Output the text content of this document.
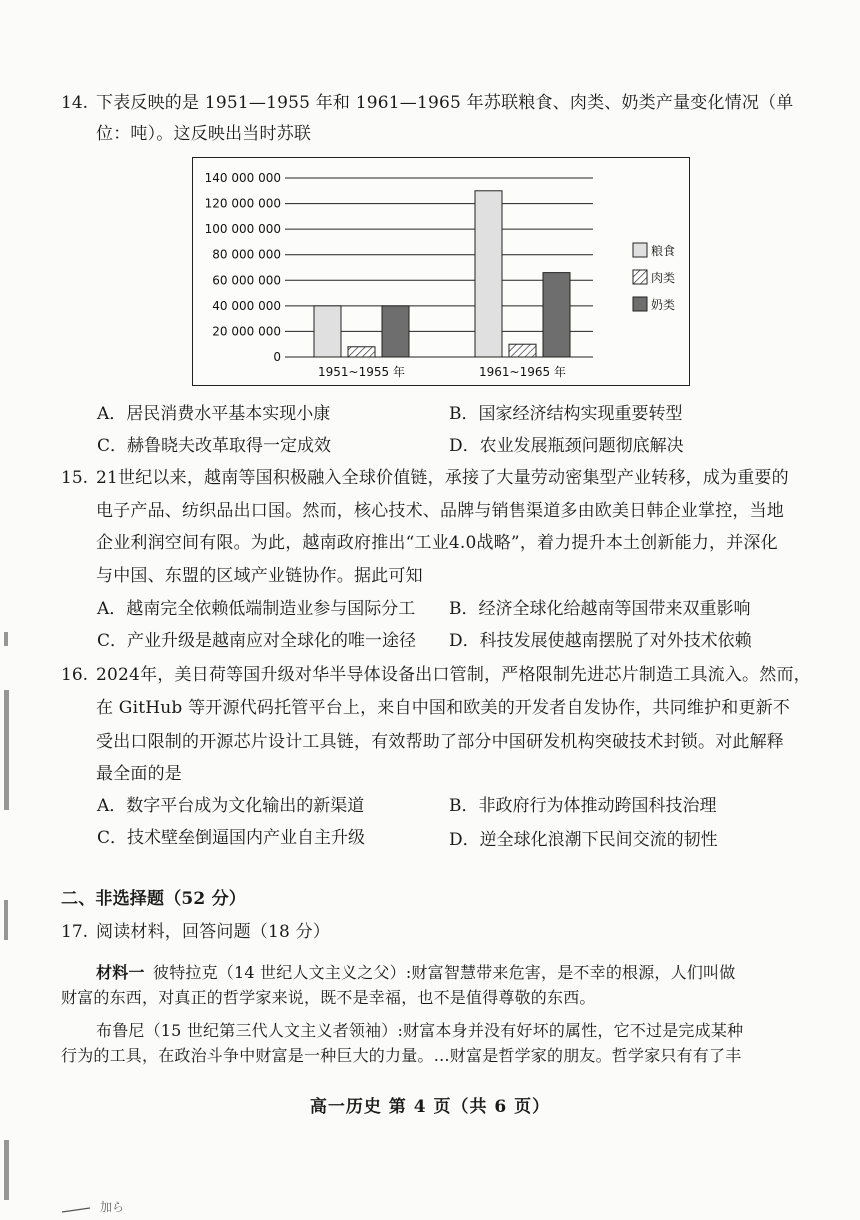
14. 下表反映的是 1951—1955 年和 1961—1965 年苏联粮食、肉类、奶类产量变化情况（单
位：吨）。这反映出当时苏联
140 000 000
120 000 000
100 000 000
80 000 000
60 000 000
40 000 000
20 000 000
0
1951~1955 年	1961~1965 年
粮食
肉类
奶类
A．居民消费水平基本实现小康	B．国家经济结构实现重要转型
C．赫鲁晓夫改革取得一定成效	D．农业发展瓶颈问题彻底解决
15. 21世纪以来，越南等国积极融入全球价值链，承接了大量劳动密集型产业转移，成为重要的
电子产品、纺织品出口国。然而，核心技术、品牌与销售渠道多由欧美日韩企业掌控，当地
企业利润空间有限。为此，越南政府推出“工业4.0战略”，着力提升本土创新能力，并深化
与中国、东盟的区域产业链协作。据此可知
A．越南完全依赖低端制造业参与国际分工 B．经济全球化给越南等国带来双重影响
C．产业升级是越南应对全球化的唯一途径 D．科技发展使越南摆脱了对外技术依赖
16. 2024年，美日荷等国升级对华半导体设备出口管制，严格限制先进芯片制造工具流入。然而，
在 GitHub 等开源代码托管平台上，来自中国和欧美的开发者自发协作，共同维护和更新不
受出口限制的开源芯片设计工具链，有效帮助了部分中国研发机构突破技术封锁。对此解释
最全面的是
A．数字平台成为文化输出的新渠道	B．非政府行为体推动跨国科技治理
C．技术壁垒倒逼国内产业自主升级	D．逆全球化浪潮下民间交流的韧性
二、非选择题（52 分）
17. 阅读材料，回答问题（18 分）
材料一 彼特拉克（14 世纪人文主义之父）:财富智慧带来危害，是不幸的根源，人们叫做
财富的东西，对真正的哲学家来说，既不是幸福，也不是值得尊敬的东西。
布鲁尼（15 世纪第三代人文主义者领袖）:财富本身并没有好坏的属性，它不过是完成某种
行为的工具，在政治斗争中财富是一种巨大的力量。…财富是哲学家的朋友。哲学家只有有了丰
高一历史 第 4 页（共 6 页）
加ら
